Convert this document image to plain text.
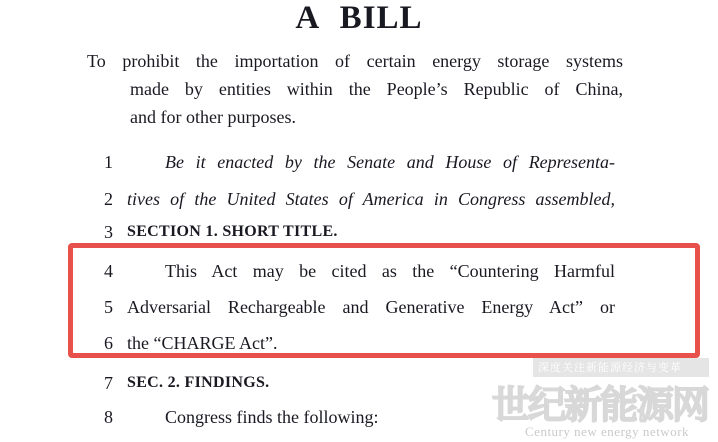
A BILL
To prohibit the importation of certain energy storage systems
made by entities within the People’s Republic of China,
and for other purposes.
1	Be it enacted by the Senate and House of Representa-
2 tives of the United States of America in Congress assembled,
3 SECTION 1. SHORT TITLE.
4	This Act may be cited as the “Countering Harmful
5 Adversarial Rechargeable and Generative Energy Act” or
6 the “CHARGE Act”.
7 SEC. 2. FINDINGS.
8	Congress finds the following:
深度关注新能源经济与变革
世纪新能源网
Century new energy network
